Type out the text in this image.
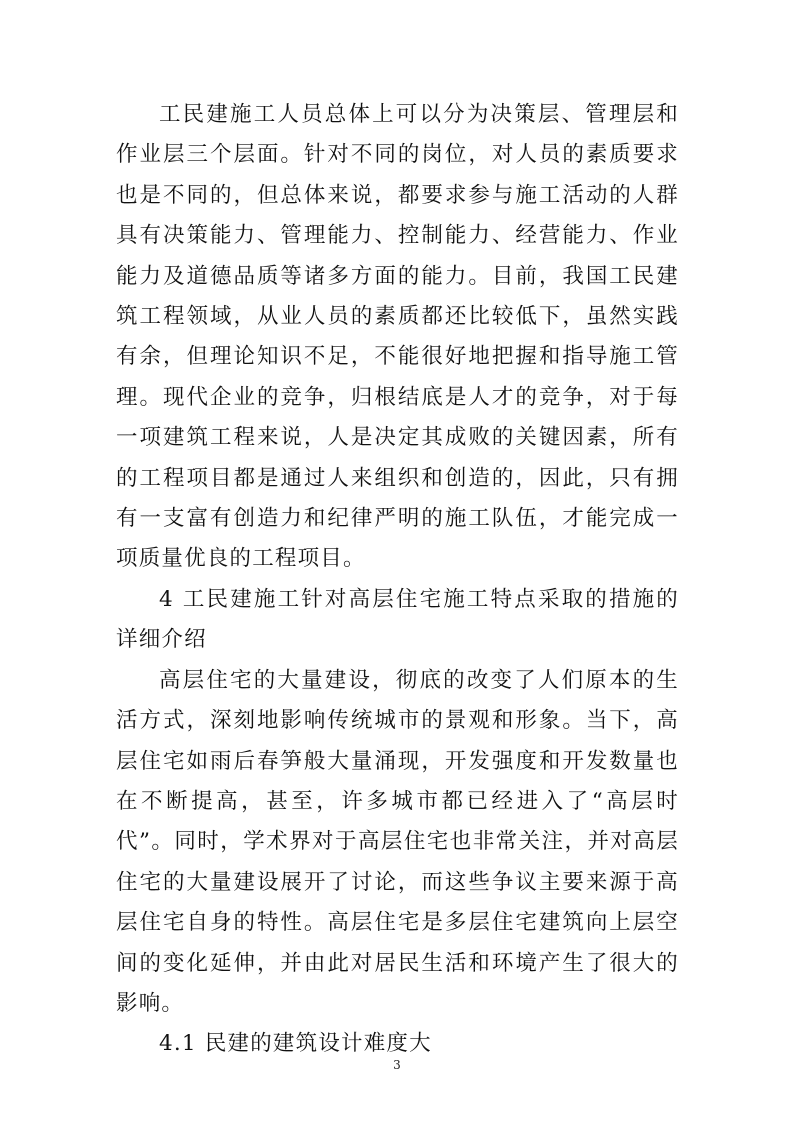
工民建施工人员总体上可以分为决策层、管理层和作业层三个层面。针对不同的岗位，对人员的素质要求也是不同的，但总体来说，都要求参与施工活动的人群具有决策能力、管理能力、控制能力、经营能力、作业能力及道德品质等诸多方面的能力。目前，我国工民建筑工程领域，从业人员的素质都还比较低下，虽然实践有余，但理论知识不足，不能很好地把握和指导施工管理。现代企业的竞争，归根结底是人才的竞争，对于每一项建筑工程来说，人是决定其成败的关键因素，所有的工程项目都是通过人来组织和创造的，因此，只有拥有一支富有创造力和纪律严明的施工队伍，才能完成一项质量优良的工程项目。

4 工民建施工针对高层住宅施工特点采取的措施的详细介绍

高层住宅的大量建设，彻底的改变了人们原本的生活方式，深刻地影响传统城市的景观和形象。当下，高层住宅如雨后春笋般大量涌现，开发强度和开发数量也在不断提高，甚至，许多城市都已经进入了“高层时代”。同时，学术界对于高层住宅也非常关注，并对高层住宅的大量建设展开了讨论，而这些争议主要来源于高层住宅自身的特性。高层住宅是多层住宅建筑向上层空间的变化延伸，并由此对居民生活和环境产生了很大的影响。

4.1 民建的建筑设计难度大

3
